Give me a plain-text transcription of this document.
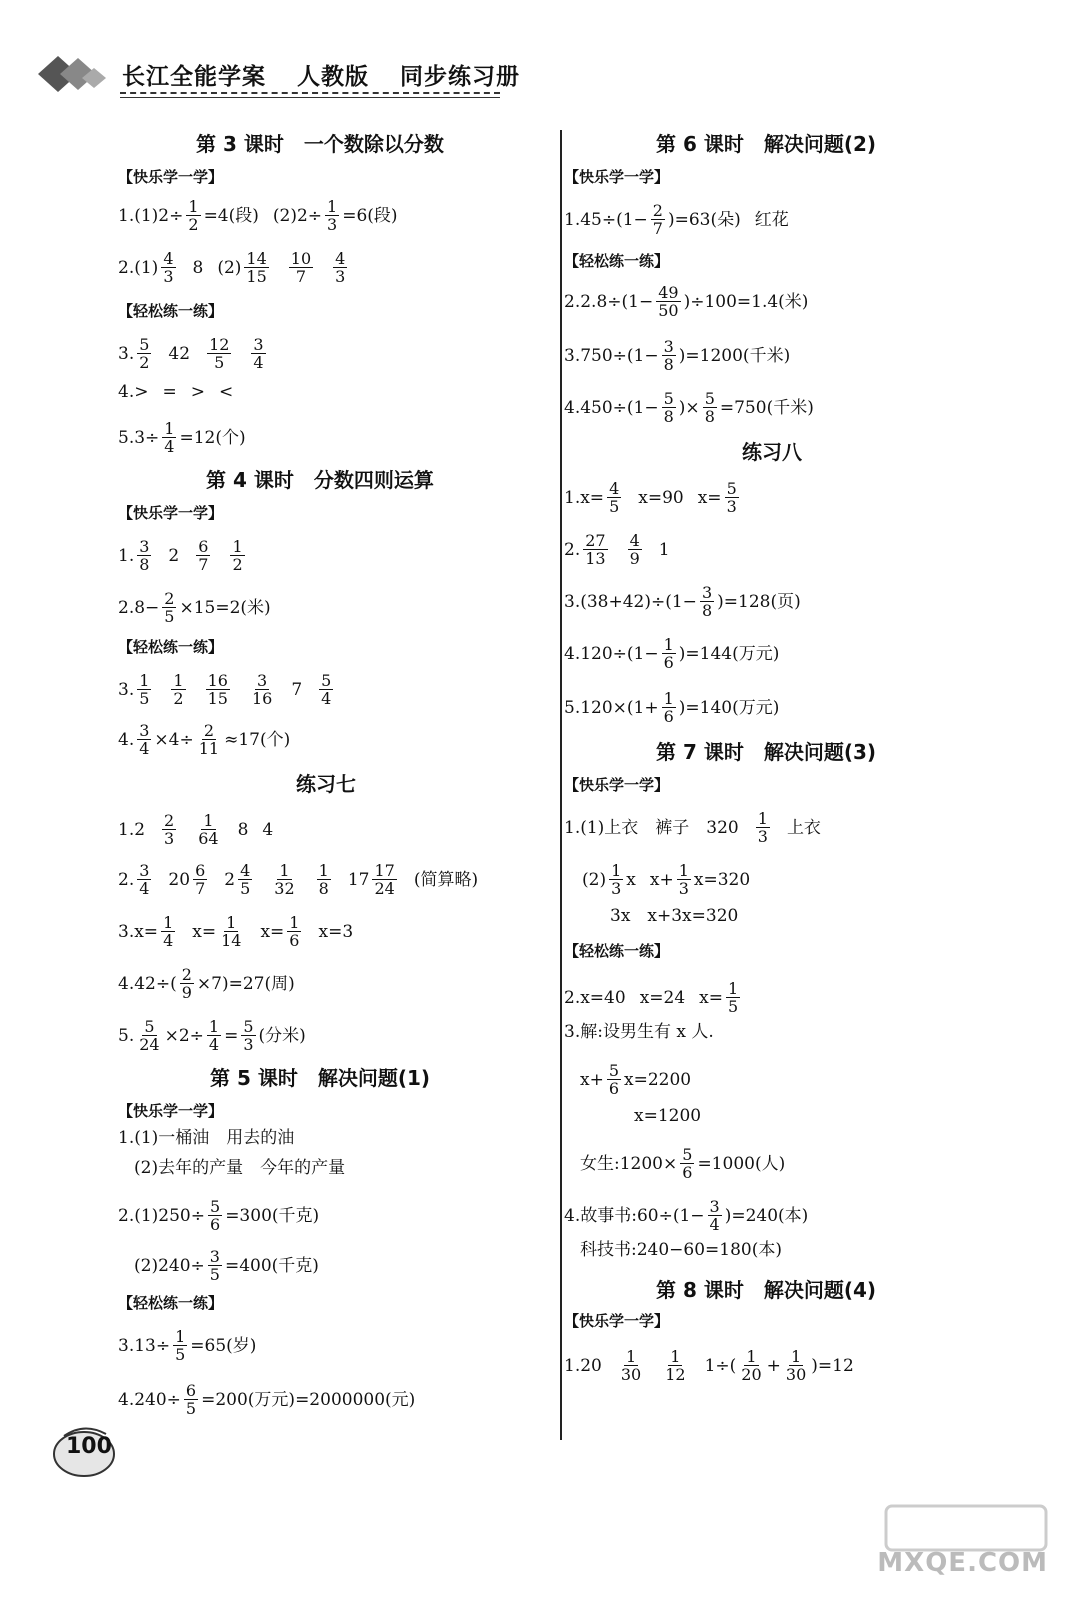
长江全能学案 人教版 同步练习册
第 3 课时　一个数除以分数
【快乐学一学】
1.(1)2÷ 1
2 =4(段) (2)2÷ 1
3 =6(段)
2.(1) 4
3 8 (2) 14
15
10
7
4
3
【轻松练一练】
3. 5
2 42 12
5
3
4
4.> = > <
5.3÷ 1
4 =12(个)
第 4 课时　分数四则运算
【快乐学一学】
1. 3
8 2 6
7
1
2
2.8− 2
5 ×15=2(米)
【轻松练一练】
3. 1
5
1
2
16
15
3
16 7 5
4
4. 3
4 ×4÷ 2
11 ≈17(个)
练习七
1.2 2
3
1
64 8 4
2. 3
4 20 6
7 2 4
5
1
32
1
8 17 17
24 (简算略)
3.x= 1
4 x= 1
14 x= 1
6 x=3
4.42÷( 2
9 ×7)=27(周)
5. 5
24 ×2÷ 1
4 = 5
3 (分米)
第 5 课时　解决问题(1)
【快乐学一学】
1.(1)一桶油　用去的油
(2)去年的产量　今年的产量
2.(1)250÷ 5
6 =300(千克)
(2)240÷ 3
5 =400(千克)
【轻松练一练】
3.13÷ 1
5 =65(岁)
4.240÷ 6
5 =200(万元)=2000000(元)
第 6 课时　解决问题(2)
【快乐学一学】
1.45÷(1− 2
7 )=63(朵) 红花
【轻松练一练】
2.2.8÷(1− 49
50 )÷100=1.4(米)
3.750÷(1− 3
8 )=1200(千米)
4.450÷(1− 5
8 )× 5
8 =750(千米)
练习八
1.x= 4
5 x=90 x= 5
3
2. 27
13
4
9 1
3.(38+42)÷(1− 3
8 )=128(页)
4.120÷(1− 1
6 )=144(万元)
5.120×(1+ 1
6 )=140(万元)
第 7 课时　解决问题(3)
【快乐学一学】
1.(1)上衣　裤子　320 1
3 上衣
(2) 1
3 x x+ 1
3 x=320
3x　x+3x=320
【轻松练一练】
2.x=40 x=24 x= 1
5
3.解:设男生有 x 人.
x+ 5
6 x=2200
x=1200
女生:1200× 5
6 =1000(人)
4.故事书:60÷(1− 3
4 )=240(本)
科技书:240−60=180(本)
第 8 课时　解决问题(4)
【快乐学一学】
1.20 1
30
1
12 1÷( 1
20 + 1
30 )=12
100
MXQE.COM
